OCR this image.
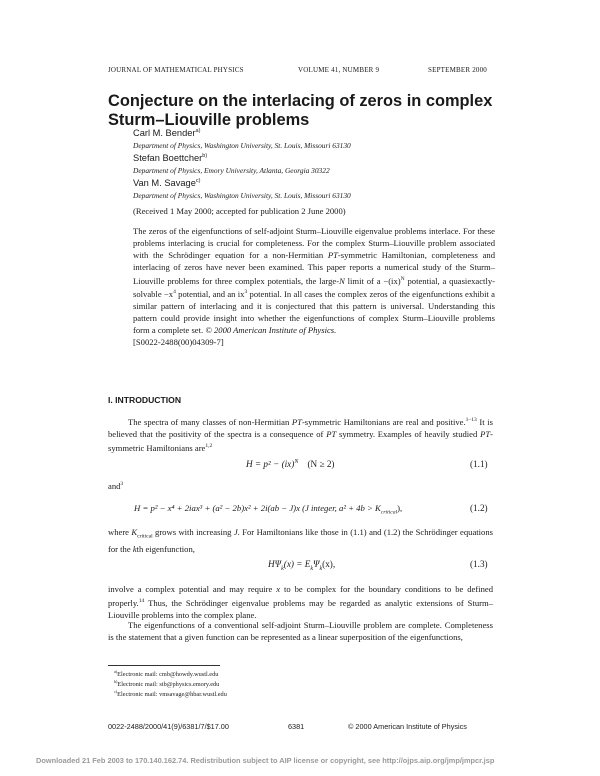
JOURNAL OF MATHEMATICAL PHYSICS	VOLUME 41, NUMBER 9	SEPTEMBER 2000
Conjecture on the interlacing of zeros in complex
Sturm–Liouville problems
Carl M. Bender$^{a)}$
Department of Physics, Washington University, St. Louis, Missouri 63130
Stefan Boettcher$^{b)}$
Department of Physics, Emory University, Atlanta, Georgia 30322
Van M. Savage$^{c)}$
Department of Physics, Washington University, St. Louis, Missouri 63130
(Received 1 May 2000; accepted for publication 2 June 2000)
The zeros of the eigenfunctions of self-adjoint Sturm–Liouville eigenvalue problems interlace. For these problems interlacing is crucial for completeness. For the complex Sturm–Liouville problem associated with the Schrödinger equation for a non-Hermitian PT-symmetric Hamiltonian, completeness and interlacing of zeros have never been examined. This paper reports a numerical study of the Sturm–Liouville problems for three complex potentials, the large-N limit of a −(ix)$^N$ potential, a quasiexactly-solvable $-x^4$ potential, and an $ix^3$ potential. In all cases the complex zeros of the eigenfunctions exhibit a similar pattern of interlacing and it is conjectured that this pattern is universal. Understanding this pattern could provide insight into whether the eigenfunctions of complex Sturm–Liouville problems form a complete set. © 2000 American Institute of Physics.
[S0022-2488(00)04309-7]
I. INTRODUCTION
The spectra of many classes of non-Hermitian PT-symmetric Hamiltonians are real and positive.$^{1-13}$ It is believed that the positivity of the spectra is a consequence of PT symmetry. Examples of heavily studied PT-symmetric Hamiltonians are$^{1,2}$
H = p² − (ix)$^N$ (N ≥ 2)	(1.1)
and$^3$
H = p² − x⁴ + 2iax³ + (a² − 2b)x² + 2i(ab − J)x (J integer, $a^2 + 4b > K_{critical}$),	(1.2)
where $K_{critical}$ grows with increasing J. For Hamiltonians like those in (1.1) and (1.2) the Schrödinger equations for the kth eigenfunction,
$H\Psi_k(x) = E_k\Psi_k(x)$,	(1.3)
involve a complex potential and may require x to be complex for the boundary conditions to be defined properly.$^{14}$ Thus, the Schrödinger eigenvalue problems may be regarded as analytic extensions of Sturm–Liouville problems into the complex plane.
The eigenfunctions of a conventional self-adjoint Sturm–Liouville problem are complete. Completeness is the statement that a given function can be represented as a linear superposition of the eigenfunctions,
$^{a)}$Electronic mail: cmb@howdy.wustl.edu
$^{b)}$Electronic mail: stb@physics.emory.edu
$^{c)}$Electronic mail: vmsavage@hbar.wustl.edu
0022-2488/2000/41(9)/6381/7/$17.00	6381	© 2000 American Institute of Physics
Downloaded 21 Feb 2003 to 170.140.162.74. Redistribution subject to AIP license or copyright, see http://ojps.aip.org/jmp/jmpcr.jsp
